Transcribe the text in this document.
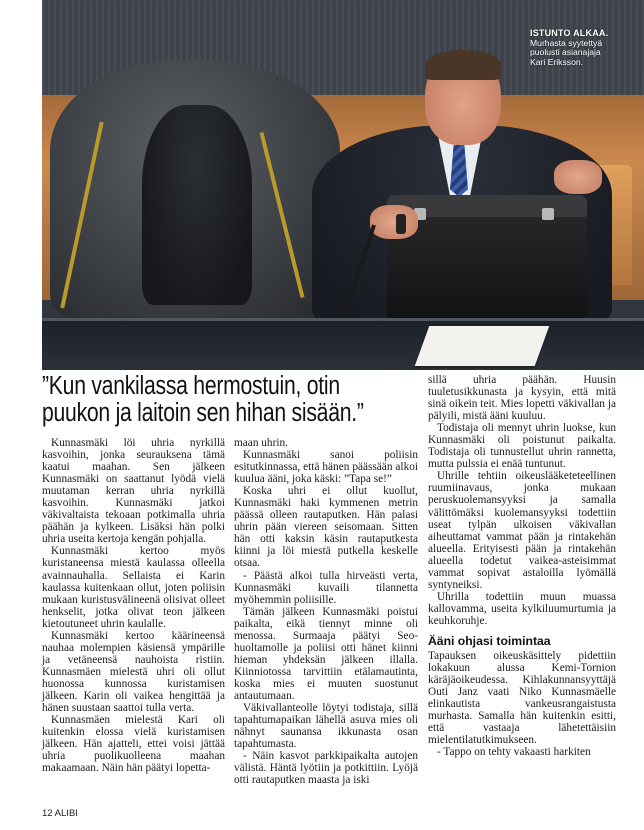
ISTUNTO ALKAA.
Murhasta syytettyä
puolusti asianajaja
Kari Eriksson.
”Kun vankilassa hermostuin, otin
puukon ja laitoin sen hihan sisään.”

Kunnasmäki löi uhria nyrkillä kasvoihin, jonka seurauksena tämä kaatui maahan. Sen jälkeen Kunnasmäki on saattanut lyödä vielä muutaman kerran uhria nyrkillä kasvoihin. Kunnasmäki jatkoi väkivaltaista tekoaan potkimalla uhria päähän ja kylkeen. Lisäksi hän polki uhria useita kertoja kengän pohjalla.

Kunnasmäki kertoo myös kuristaneensa miestä kaulassa olleella avainnauhalla. Sellaista ei Karin kaulassa kuitenkaan ollut, joten poliisin mukaan kuristusvälineenä olisivat olleet henkselit, jotka olivat teon jälkeen kietoutuneet uhrin kaulalle.

Kunnasmäki kertoo käärineensä nauhaa molempien käsiensä ympärille ja vetäneensä nauhoista ristiin. Kunnasmäen mielestä uhri oli ollut huonossa kunnossa kuristamisen jälkeen. Karin oli vaikea hengittää ja hänen suustaan saattoi tulla verta.

Kunnasmäen mielestä Kari oli kuitenkin elossa vielä kuristamisen jälkeen. Hän ajatteli, ettei voisi jättää uhria puolikuolleena maahan makaamaan. Näin hän päätyi lopetta-

maan uhrin.

Kunnasmäki sanoi poliisin esitutkinnassa, että hänen päässään alkoi kuulua ääni, joka käski: ”Tapa se!”

Koska uhri ei ollut kuollut, Kunnasmäki haki kymmenen metrin päässä olleen rautaputken. Hän palasi uhrin pään viereen seisomaan. Sitten hän otti kaksin käsin rautaputkesta kiinni ja löi miestä putkella keskelle otsaa.

- Päästä alkoi tulla hirveästi verta, Kunnasmäki kuvaili tilannetta myöhemmin poliisille.

Tämän jälkeen Kunnasmäki poistui paikalta, eikä tiennyt minne oli menossa. Surmaaja päätyi Seo-huoltamolle ja poliisi otti hänet kiinni hieman yhdeksän jälkeen illalla. Kiinniotossa tarvittiin etälamautinta, koska mies ei muuten suostunut antautumaan.

Väkivallanteolle löytyi todistaja, sillä tapahtumapaikan lähellä asuva mies oli nähnyt saunansa ikkunasta osan tapahtumasta.

- Näin kasvot parkkipaikalta autojen välistä. Häntä lyötiin ja potkittiin. Lyöjä otti rautaputken maasta ja iski

sillä uhria päähän. Huusin tuuletusikkunasta ja kysyin, että mitä sinä oikein teit. Mies lopetti väkivallan ja pälyili, mistä ääni kuuluu.

Todistaja oli mennyt uhrin luokse, kun Kunnasmäki oli poistunut paikalta. Todistaja oli tunnustellut uhrin rannetta, mutta pulssia ei enää tuntunut.

Uhrille tehtiin oikeuslääketeteellinen ruumiinavaus, jonka mukaan peruskuolemansyyksi ja samalla välittömäksi kuolemansyyksi todettiin useat tylpän ulkoisen väkivallan aiheuttamat vammat pään ja rintakehän alueella. Erityisesti pään ja rintakehän alueella todetut vaikea-asteisimmat vammat sopivat astaloilla lyömällä syntyneiksi.

Uhrilla todettiin muun muassa kallovamma, useita kylkiluumurtumia ja keuhkoruhje.

Ääni ohjasi toimintaa

Tapauksen oikeuskäsittely pidettiin lokakuun alussa Kemi-Tornion käräjäoikeudessa. Kihlakunnansyyttäjä Outi Janz vaati Niko Kunnasmäelle elinkautista vankeusrangaistusta murhasta. Samalla hän kuitenkin esitti, että vastaaja lähetettäisiin mielentilatutkimukseen.

- Tappo on tehty vakaasti harkiten

12 ALIBI
